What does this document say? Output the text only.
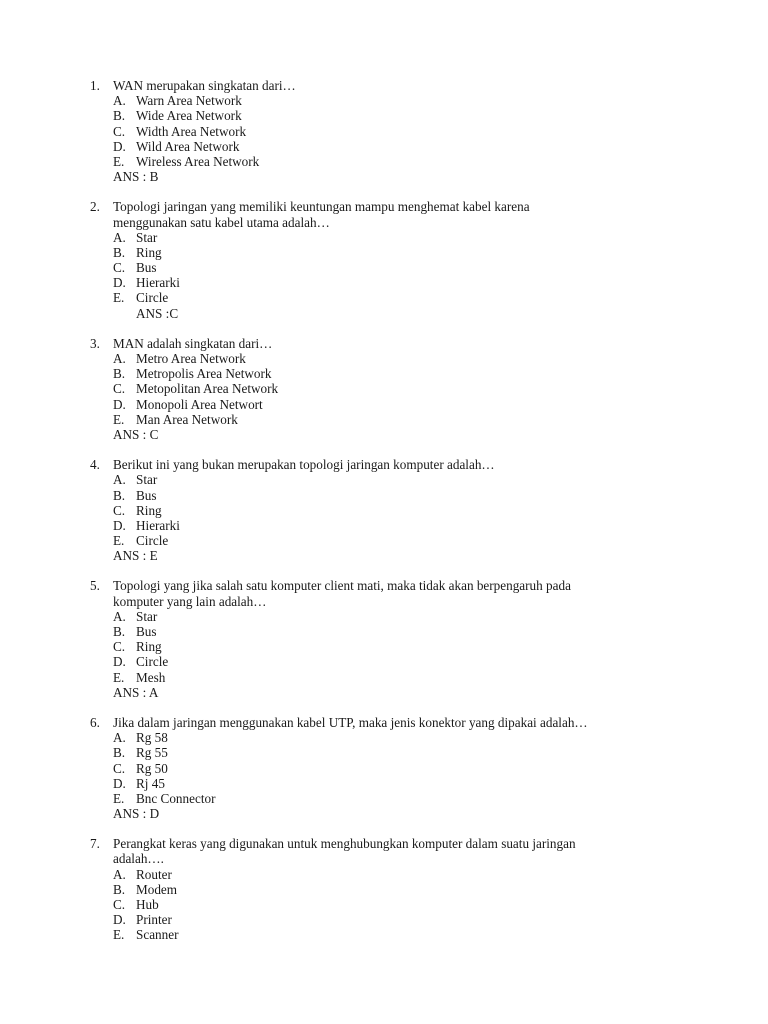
1. WAN merupakan singkatan dari…
A. Warn Area Network
B. Wide Area Network
C. Width Area Network
D. Wild Area Network
E. Wireless Area Network
ANS : B
2. Topologi jaringan yang memiliki keuntungan mampu menghemat kabel karena
menggunakan satu kabel utama adalah…
A. Star
B. Ring
C. Bus
D. Hierarki
E. Circle
ANS :C
3. MAN adalah singkatan dari…
A. Metro Area Network
B. Metropolis Area Network
C. Metopolitan Area Network
D. Monopoli Area Networt
E. Man Area Network
ANS : C
4. Berikut ini yang bukan merupakan topologi jaringan komputer adalah…
A. Star
B. Bus
C. Ring
D. Hierarki
E. Circle
ANS : E
5. Topologi yang jika salah satu komputer client mati, maka tidak akan berpengaruh pada
komputer yang lain adalah…
A. Star
B. Bus
C. Ring
D. Circle
E. Mesh
ANS : A
6. Jika dalam jaringan menggunakan kabel UTP, maka jenis konektor yang dipakai adalah…
A. Rg 58
B. Rg 55
C. Rg 50
D. Rj 45
E. Bnc Connector
ANS : D
7. Perangkat keras yang digunakan untuk menghubungkan komputer dalam suatu jaringan
adalah….
A. Router
B. Modem
C. Hub
D. Printer
E. Scanner
